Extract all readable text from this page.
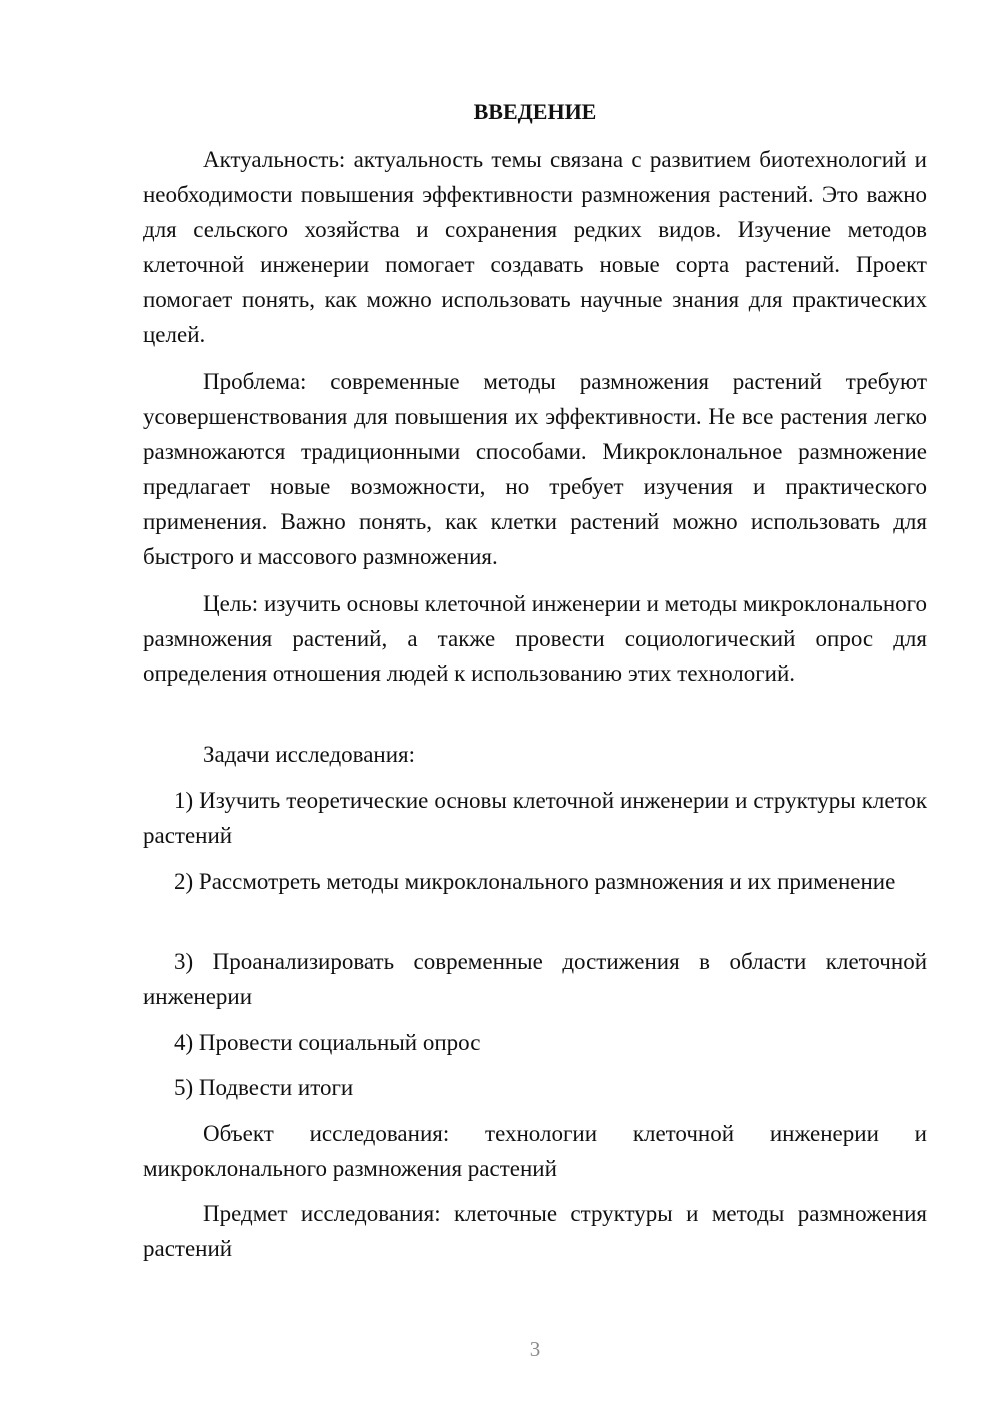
ВВЕДЕНИЕ

Актуальность: актуальность темы связана с развитием биотехнологий и необходимости повышения эффективности размножения растений. Это важно для сельского хозяйства и сохранения редких видов. Изучение методов клеточной инженерии помогает создавать новые сорта растений. Проект помогает понять, как можно использовать научные знания для практических целей.

Проблема: современные методы размножения растений требуют усовершенствования для повышения их эффективности. Не все растения легко размножаются традиционными способами. Микроклональное размножение предлагает новые возможности, но требует изучения и практического применения. Важно понять, как клетки растений можно использовать для быстрого и массового размножения.

Цель: изучить основы клеточной инженерии и методы микроклонального размножения растений, а также провести социологический опрос для определения отношения людей к использованию этих технологий.

Задачи исследования:

1) Изучить теоретические основы клеточной инженерии и структуры клеток растений

2) Рассмотреть методы микроклонального размножения и их применение

3) Проанализировать современные достижения в области клеточной инженерии

4) Провести социальный опрос

5) Подвести итоги

Объект исследования: технологии клеточной инженерии и микроклонального размножения растений

Предмет исследования: клеточные структуры и методы размножения растений

3
